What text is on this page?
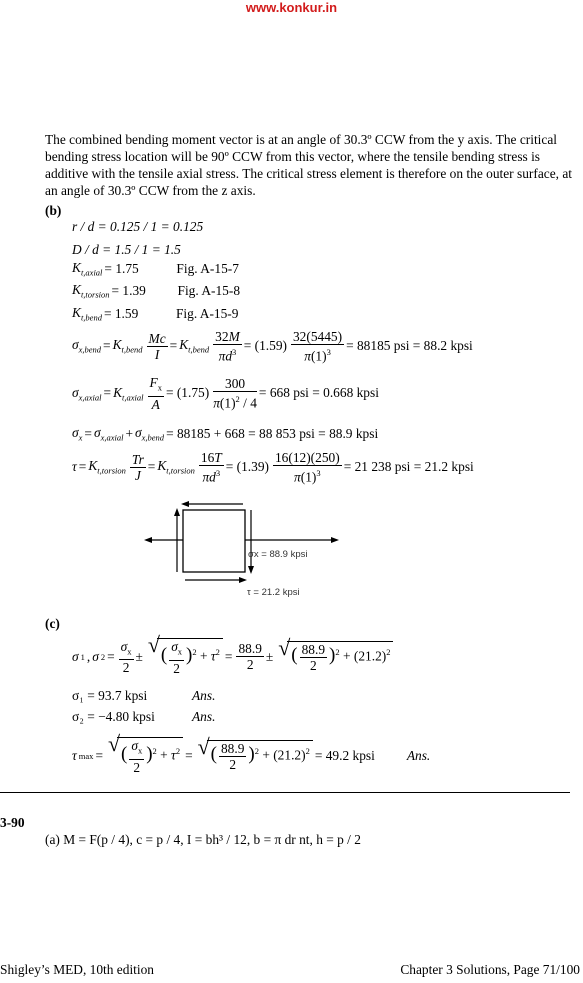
www.konkur.in
The combined bending moment vector is at an angle of 30.3º CCW from the y axis. The critical bending stress location will be 90º CCW from this vector, where the tensile bending stress is additive with the tensile axial stress. The critical stress element is therefore on the outer surface, at an angle of 30.3º CCW from the z axis.
(b)
r / d = 0.125 / 1 = 0.125
D / d = 1.5 / 1 = 1.5
$K_{t,axial} = 1.75$	Fig. A-15-7
$K_{t,torsion} = 1.39$	Fig. A-15-8
$K_{t,bend} = 1.59$	Fig. A-15-9
$\sigma_{x,bend} = K_{t,bend} \frac{Mc}{I} = K_{t,bend} \frac{32M}{\pi d^3} = (1.59) \frac{32(5445)}{\pi(1)^3} = 88185$ psi = 88.2 kpsi
$\sigma_{x,axial} = K_{t,axial} \frac{F_x}{A} = (1.75) \frac{300}{\pi(1)^2 / 4} = 668$ psi = 0.668 kpsi
$\sigma_x = \sigma_{x,axial} + \sigma_{x,bend} = 88185 + 668 = 88$ 853 psi = 88.9 kpsi
$\tau = K_{t,torsion} \frac{Tr}{J} = K_{t,torsion} \frac{16T}{\pi d^3} = (1.39) \frac{16(12)(250)}{\pi(1)^3} = 21$ 238 psi = 21.2 kpsi
σx = 88.9 kpsi
τ = 21.2 kpsi
(c)
σ 1 , σ $2 = \frac{\sigma_x}{2}$ ± √ ( $\frac{\sigma_x}{2} )^2 + \tau^2 = \frac{88.9}{2}$ ± √ ( $\frac{88.9}{2} )^2 + (21.2)^2$
σ₁ = 93.7 kpsi	Ans.
σ₂ = −4.80 kpsi	Ans.
τ max = √ ( $\frac{\sigma_x}{2} )^2 + \tau^2$ = √ ( $\frac{88.9}{2} )^2 + (21.2)^2 = 49.2$ kpsi	Ans.
3-90
(a) M = F(p / 4), c = p / 4, I = bh³ / 12, b = π dr nt, h = p / 2
Shigley’s MED, 10th edition	Chapter 3 Solutions, Page 71/100
